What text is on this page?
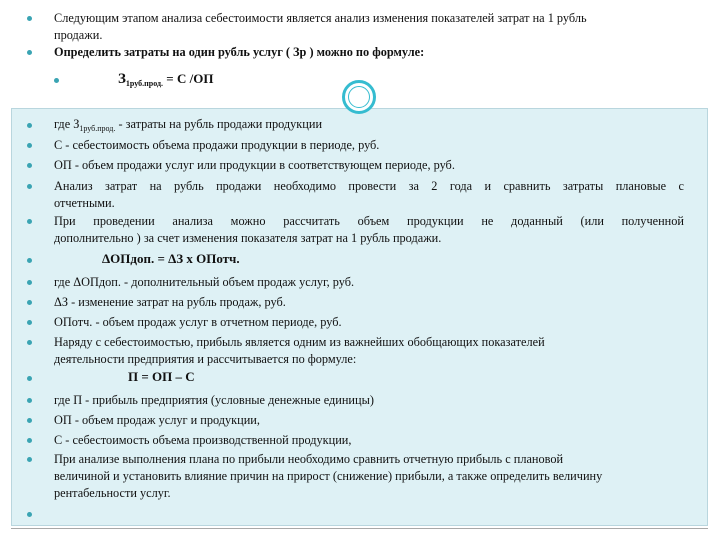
Следующим этапом анализа себестоимости является анализ изменения показателей затрат на 1 рубль
продажи.
Определить затраты на один рубль услуг ( Зр ) можно по формуле:
$З_{1руб.прод.} = С$ /ОП
где $З_{1руб.прод.}$ - затраты на рубль продажи продукции
С - себестоимость объема продажи продукции в периоде, руб.
ОП - объем продажи услуг или продукции в соответствующем периоде, руб.
Анализ затрат на рубль продажи необходимо провести за 2 года и сравнить затраты плановые с
отчетными.
При проведении анализа можно рассчитать объем продукции не доданный (или полученной
дополнительно ) за счет изменения показателя затрат на 1 рубль продажи.
ΔОПдоп. = ΔЗ х ОПотч.
где ΔОПдоп. - дополнительный объем продаж услуг, руб.
ΔЗ - изменение затрат на рубль продаж, руб.
ОПотч. - объем продаж услуг в отчетном периоде, руб.
Наряду с себестоимостью, прибыль является одним из важнейших обобщающих показателей
деятельности предприятия и рассчитывается по формуле:
П = ОП – С
где П - прибыль предприятия (условные денежные единицы)
ОП - объем продаж услуг и продукции,
С - себестоимость объема производственной продукции,
При анализе выполнения плана по прибыли необходимо сравнить отчетную прибыль с плановой
величиной и установить влияние причин на прирост (снижение) прибыли, а также определить величину
рентабельности услуг.
